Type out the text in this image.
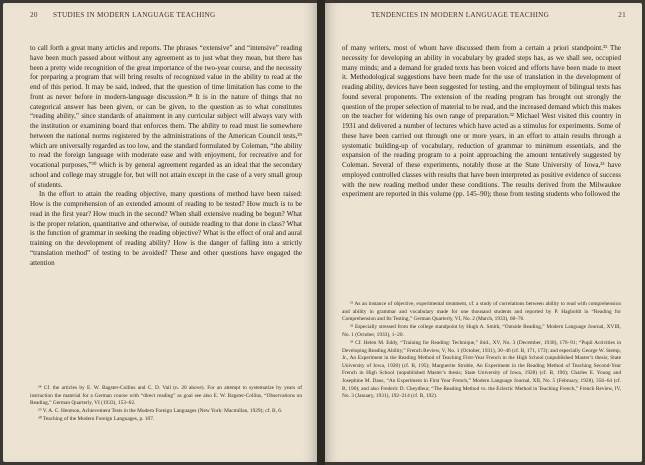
20 STUDIES IN MODERN LANGUAGE TEACHING

to call forth a great many articles and reports. The phrases “extensive” and “intensive” reading have been much passed about without any agreement as to just what they mean, but there has been a pretty wide recognition of the great importance of the two-year course, and the necessity for preparing a program that will bring results of recognized value in the ability to read at the end of this period. It may be said, indeed, that the question of time limitation has come to the front as never before in modern-language discussion.²⁸ It is in the nature of things that no categorical answer has been given, or can be given, to the question as to what constitutes “reading ability,” since standards of attainment in any curricular subject will always vary with the institution or examining board that enforces them. The ability to read must lie somewhere between the national norms registered by the administrations of the American Council tests,²⁹ which are universally regarded as too low, and the standard formulated by Coleman, “the ability to read the foreign language with moderate ease and with enjoyment, for recreative and for vocational purposes,”³⁰ which is by general agreement regarded as an ideal that the secondary school and college may struggle for, but will not attain except in the case of a very small group of students.

In the effort to attain the reading objective, many questions of method have been raised: How is the comprehension of an extended amount of reading to be tested? How much is to be read in the first year? How much in the second? When shall extensive reading be begun? What is the proper relation, quantitative and otherwise, of outside reading to that done in class? What is the function of grammar in seeking the reading objective? What is the effect of oral and aural training on the development of reading ability? How is the danger of falling into a strictly “translation method” of testing to be avoided? These and other questions have engaged the attention

²⁸ Cf. the articles by E. W. Bagster-Collins and C. D. Vail (n. 20 above). For an attempt to systematize by years of instruction the material for a German course with “direct reading” as goal see also E. W. Bagster-Collins, “Observations on Reading,” German Quarterly, VI (1933), 153–62.

²⁹ V. A. C. Henmon, Achievement Tests in the Modern Foreign Languages (New York: Macmillan, 1929); cf. B, 6.

³⁰ Teaching of the Modern Foreign Languages, p. 107.

TENDENCIES IN MODERN LANGUAGE TEACHING	21

of many writers, most of whom have discussed them from a certain a priori standpoint.³¹ The necessity for developing an ability in vocabulary by graded steps has, as we shall see, occupied many minds; and a demand for graded texts has been voiced and efforts have been made to meet it. Methodological suggestions have been made for the use of translation in the development of reading ability, devices have been suggested for testing, and the employment of bilingual texts has found several proponents. The extension of the reading program has brought out strongly the question of the proper selection of material to be read, and the increased demand which this makes on the teacher for widening his own range of preparation.³² Michael West visited this country in 1931 and delivered a number of lectures which have acted as a stimulus for experiments. Some of these have been carried out through one or more years, in an effort to attain results through a systematic building-up of vocabulary, reduction of grammar to minimum essentials, and the expansion of the reading program to a point approaching the amount tentatively suggested by Coleman. Several of these experiments, notably those at the State University of Iowa,³³ have employed controlled classes with results that have been interpreted as positive evidence of success with the new reading method under these conditions. The results derived from the Milwaukee experiment are reported in this volume (pp. 145–90); those from testing students who followed the

³¹ As an instance of objective, experimental treatment, cf. a study of correlations between ability to read with comprehension and ability in grammar and vocabulary made for one thousand students and reported by P. Hagboldt in “Reading for Comprehension and Its Testing,” German Quarterly, VI, No. 2 (March, 1933), 68–76.

³² Especially stressed from the college standpoint by Hugh A. Smith, “Outside Reading,” Modern Language Journal, XVIII, No. 1 (October, 1933), 1–20.

³³ Cf. Helen M. Eddy, “Training for Reading: Technique,” ibid., XV, No. 3 (December, 1930), 176–91; “Pupil Activities in Developing Reading Ability,” French Review, V, No. 1 (October, 1931), 30–46 (cf. B, 171, 173); and especially George W. Stemp, Jr., An Experiment in the Reading Method of Teaching First-Year French in the High School (unpublished Master’s thesis; State University of Iowa, 1928) (cf. B, 195); Marguerite Struble, An Experiment in the Reading Method of Teaching Second-Year French in High School (unpublished Master’s thesis; State University of Iowa, 1928) (cf. B, 196); Charles E. Young and Josephine M. Daus, “An Experiment in First Year French,” Modern Language Journal, XII, No. 5 (February, 1928), 356–64 (cf. B, 190); and also Frederic D. Cheydleur, “The Reading Method vs. the Eclectic Method in Teaching French,” French Review, IV, No. 3 (January, 1931), 192–214 (cf. B, 192).
